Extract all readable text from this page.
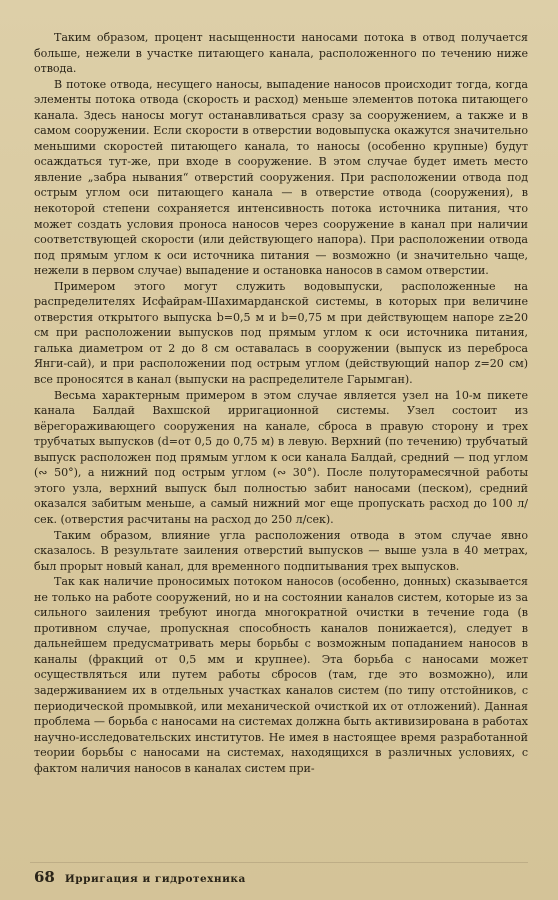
Таким образом, процент насыщенности наносами потока в отвод получается больше, нежели в участке питающего канала, расположенного по течению ниже отвода.

В потоке отвода, несущего наносы, выпадение наносов происходит тогда, когда элементы потока отвода (скорость и расход) меньше элементов потока питающего канала. Здесь наносы могут останавливаться сразу за сооружением, а также и в самом сооружении. Если скорости в отверстии водовыпуска окажутся значительно меньшими скоростей питающего канала, то наносы (особенно крупные) будут осаждаться тут-же, при входе в сооружение. В этом случае будет иметь место явление „забра нывания“ отверстий сооружения. При расположении отвода под острым углом оси питающего канала — в отверстие отвода (сооружения), в некоторой степени сохраняется интенсивность потока источника питания, что может создать условия проноса наносов через сооружение в канал при наличии соответствующей скорости (или действующего напора). При расположении отвода под прямым углом к оси источника питания — возможно (и значительно чаще, нежели в первом случае) выпадение и остановка наносов в самом отверстии.

Примером этого могут служить водовыпуски, расположенные на распределителях Исфайрам-Шахимарданской системы, в которых при величине отверстия открытого выпуска b=0,5 м и b=0,75 м при действующем напоре z≥20 см при расположении выпусков под прямым углом к оси источника питания, галька диаметром от 2 до 8 см оставалась в сооружении (выпуск из переброса Янги-сай), и при расположении под острым углом (действующий напор z=20 см) все проносятся в канал (выпуски на распределителе Гарымган).

Весьма характерным примером в этом случае является узел на 10-м пикете канала Балдай Вахшской ирригационной системы. Узел состоит из вёрегораживающего сооружения на канале, сброса в правую сторону и трех трубчатых выпусков (d=от 0,5 до 0,75 м) в левую. Верхний (по течению) трубчатый выпуск расположен под прямым углом к оси канала Балдай, средний — под углом (∾ 50°), а нижний под острым углом (∾ 30°). После полуторамесячной работы этого узла, верхний выпуск был полностью забит наносами (песком), средний оказался забитым меньше, а самый нижний мог еще пропускать расход до 100 л/сек. (отверстия расчитаны на расход до 250 л/сек).

Таким образом, влияние угла расположения отвода в этом случае явно сказалось. В результате заиления отверстий выпусков — выше узла в 40 метрах, был прорыт новый канал, для временного подпитывания трех выпусков.

Так как наличие проносимых потоком наносов (особенно, донных) сказывается не только на работе сооружений, но и на состоянии каналов систем, которые из за сильного заиления требуют иногда многократной очистки в течение года (в противном случае, пропускная способность каналов понижается), следует в дальнейшем предусматривать меры борьбы с возможным попаданием наносов в каналы (фракций от 0,5 мм и крупнее). Эта борьба с наносами может осуществляться или путем работы сбросов (там, где это возможно), или задерживанием их в отдельных участках каналов систем (по типу отстойников, с периодической промывкой, или механической очисткой их от отложений). Данная проблема — борьба с наносами на системах должна быть активизирована в работах научно-исследовательских институтов. Не имея в настоящее время разработанной теории борьбы с наносами на системах, находящихся в различных условиях, с фактом наличия наносов в каналах систем при-

68 Ирригация и гидротехника
